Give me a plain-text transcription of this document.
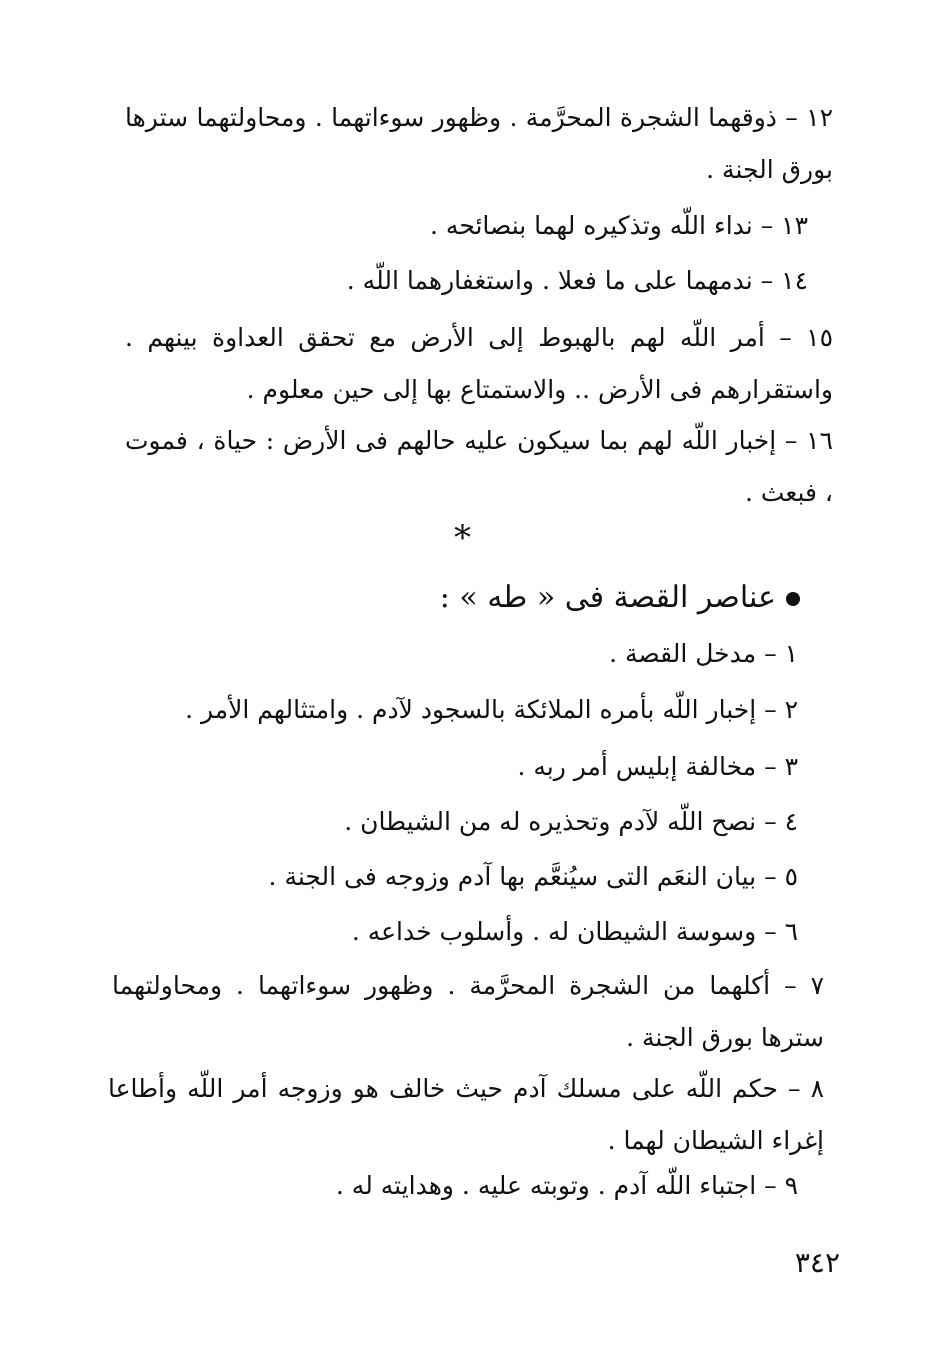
١٢ – ذوقهما الشجرة المحرَّمة . وظهور سوءاتهما . ومحاولتهما سترها بورق الجنة .
١٣ – نداء اللّه وتذكيره لهما بنصائحه .
١٤ – ندمهما على ما فعلا . واستغفارهما اللّه .
١٥ – أمر اللّه لهم بالهبوط إلى الأرض مع تحقق العداوة بينهم . واستقرارهم فى الأرض .. والاستمتاع بها إلى حين معلوم .
١٦ – إخبار اللّه لهم بما سيكون عليه حالهم فى الأرض : حياة ، فموت ، فبعث .
*
عناصر القصة فى « طه » :
١ – مدخل القصة .
٢ – إخبار اللّه بأمره الملائكة بالسجود لآدم . وامتثالهم الأمر .
٣ – مخالفة إبليس أمر ربه .
٤ – نصح اللّه لآدم وتحذيره له من الشيطان .
٥ – بيان النعَم التى سيُنعَّم بها آدم وزوجه فى الجنة .
٦ – وسوسة الشيطان له . وأسلوب خداعه .
٧ – أكلهما من الشجرة المحرَّمة . وظهور سوءاتهما . ومحاولتهما سترها بورق الجنة .
٨ – حكم اللّه على مسلك آدم حيث خالف هو وزوجه أمر اللّه وأطاعا إغراء الشيطان لهما .
٩ – اجتباء اللّه آدم . وتوبته عليه . وهدايته له .
٣٤٢
